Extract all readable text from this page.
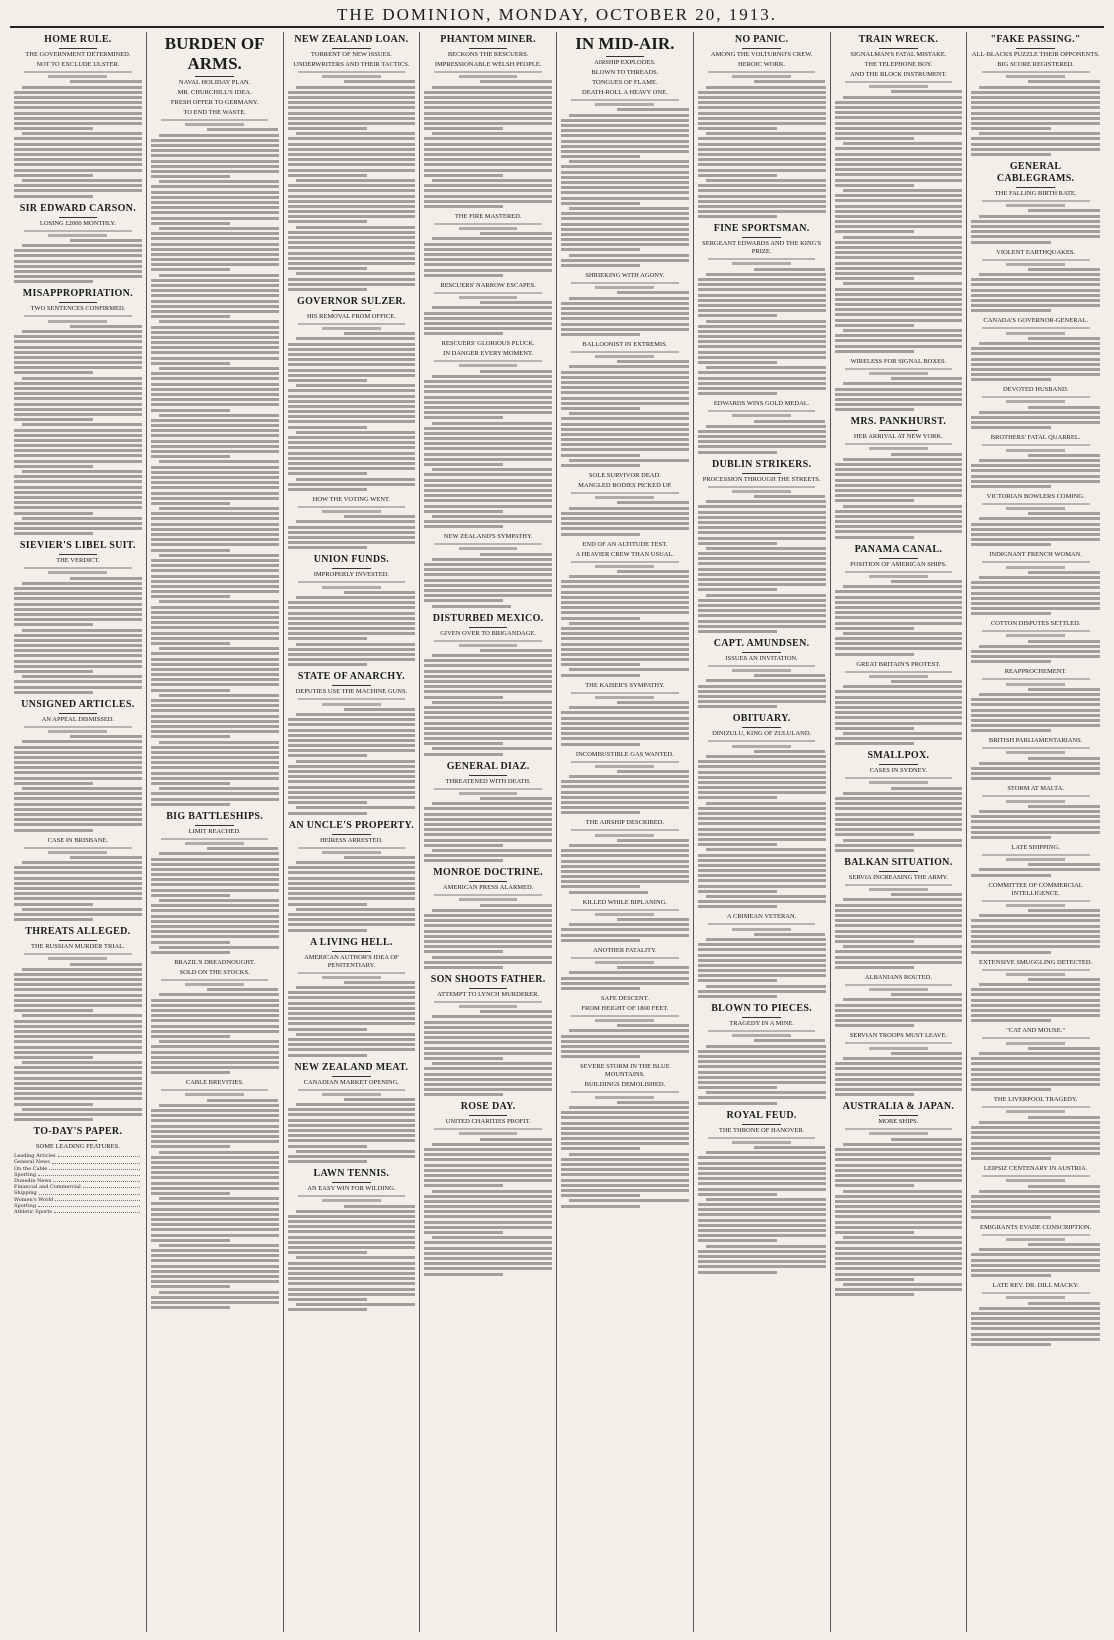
THE DOMINION, MONDAY, OCTOBER 20, 1913.
HOME RULE.
THE GOVERNMENT DETERMINED.
NOT TO EXCLUDE ULSTER.
SIR EDWARD CARSON.
LOSING £2000 MONTHLY.
MISAPPROPRIATION.
TWO SENTENCES CONFIRMED.
SIEVIER'S LIBEL SUIT.
THE VERDICT.
UNSIGNED ARTICLES.
AN APPEAL DISMISSED.
CASE IN BRISBANE.
THREATS ALLEGED.
THE RUSSIAN MURDER TRIAL.
TO-DAY'S PAPER.
SOME LEADING FEATURES.
Leading Articles
General News
On the Cable
Sporting
Dunedin News
Financial and Commercial
Shipping
Women's World
Sporting
Athletic Sports
BURDEN OF ARMS.
NAVAL HOLIDAY PLAN.
MR. CHURCHILL'S IDEA.
FRESH OFFER TO GERMANY.
TO END THE WASTE.
BIG BATTLESHIPS.
LIMIT REACHED.
BRAZIL'S DREADNOUGHT.
SOLD ON THE STOCKS.
CABLE BREVITIES.
NEW ZEALAND LOAN.
TORRENT OF NEW ISSUES.
UNDERWRITERS AND THEIR TACTICS.
GOVERNOR SULZER.
HIS REMOVAL FROM OFFICE.
HOW THE VOTING WENT.
UNION FUNDS.
IMPROPERLY INVESTED.
STATE OF ANARCHY.
DEPUTIES USE THE MACHINE GUNS.
AN UNCLE'S PROPERTY.
HEIRESS ARRESTED.
A LIVING HELL.
AMERICAN AUTHOR'S IDEA OF PENITENTIARY.
NEW ZEALAND MEAT.
CANADIAN MARKET OPENING.
LAWN TENNIS.
AN EASY WIN FOR WILDING.
PHANTOM MINER.
BECKONS THE RESCUERS.
IMPRESSIONABLE WELSH PEOPLE.
THE FIRE MASTERED.
RESCUERS' NARROW ESCAPES.
RESCUERS' GLORIOUS PLUCK.
IN DANGER EVERY MOMENT.
NEW ZEALAND'S SYMPATHY.
DISTURBED MEXICO.
GIVEN OVER TO BRIGANDAGE.
GENERAL DIAZ.
THREATENED WITH DEATH.
MONROE DOCTRINE.
AMERICAN PRESS ALARMED.
SON SHOOTS FATHER.
ATTEMPT TO LYNCH MURDERER.
ROSE DAY.
UNITED CHARITIES PROFIT.
IN MID-AIR.
AIRSHIP EXPLODES.
BLOWN TO THREADS.
TONGUES OF FLAME.
DEATH-ROLL A HEAVY ONE.
SHRIEKING WITH AGONY.
BALLOONIST IN EXTREMIS.
SOLE SURVIVOR DEAD.
MANGLED BODIES PICKED UP.
END OF AN ALTITUDE TEST.
A HEAVIER CREW THAN USUAL.
THE KAISER'S SYMPATHY.
INCOMBUSTIBLE GAS WANTED.
THE AIRSHIP DESCRIBED.
KILLED WHILE BIPLANING.
ANOTHER FATALITY.
SAFE DESCENT.
FROM HEIGHT OF 1800 FEET.
SEVERE STORM IN THE BLUE MOUNTAINS.
BUILDINGS DEMOLISHED.
NO PANIC.
AMONG THE VOLTURNO'S CREW.
HEROIC WORK.
FINE SPORTSMAN.
SERGEANT EDWARDS AND THE KING'S PRIZE.
EDWARDS WINS GOLD MEDAL.
DUBLIN STRIKERS.
PROCESSION THROUGH THE STREETS.
CAPT. AMUNDSEN.
ISSUES AN INVITATION.
OBITUARY.
DINIZULU, KING OF ZULULAND.
A CRIMEAN VETERAN.
BLOWN TO PIECES.
TRAGEDY IN A MINE.
ROYAL FEUD.
THE THRONE OF HANOVER.
TRAIN WRECK.
SIGNALMAN'S FATAL MISTAKE.
THE TELEPHONE BOY.
AND THE BLOCK INSTRUMENT.
WIRELESS FOR SIGNAL BOXES.
MRS. PANKHURST.
HER ARRIVAL AT NEW YORK.
PANAMA CANAL.
POSITION OF AMERICAN SHIPS.
GREAT BRITAIN'S PROTEST.
SMALLPOX.
CASES IN SYDNEY.
BALKAN SITUATION.
SERVIA INCREASING THE ARMY.
ALBANIANS ROUTED.
SERVIAN TROOPS MUST LEAVE.
AUSTRALIA & JAPAN.
MORE SHIPS.
"FAKE PASSING."
ALL-BLACKS PUZZLE THEIR OPPONENTS.
BIG SCORE REGISTERED.
GENERAL CABLEGRAMS.
THE FALLING BIRTH RATE.
VIOLENT EARTHQUAKES.
CANADA'S GOVERNOR-GENERAL.
DEVOTED HUSBAND.
BROTHERS' FATAL QUARREL.
VICTORIAN BOWLERS COMING.
INDIGNANT FRENCH WOMAN.
COTTON DISPUTES SETTLED.
REAPPROCHEMENT.
BRITISH PARLIAMENTARIANS.
STORM AT MALTA.
LATE SHIPPING.
COMMITTEE OF COMMERCIAL INTELLIGENCE.
EXTENSIVE SMUGGLING DETECTED.
"CAT AND MOUSE."
THE LIVERPOOL TRAGEDY.
LEIPSIZ CENTENARY IN AUSTRIA.
EMIGRANTS EVADE CONSCRIPTION.
LATE REV. DR. DILL MACKY.
